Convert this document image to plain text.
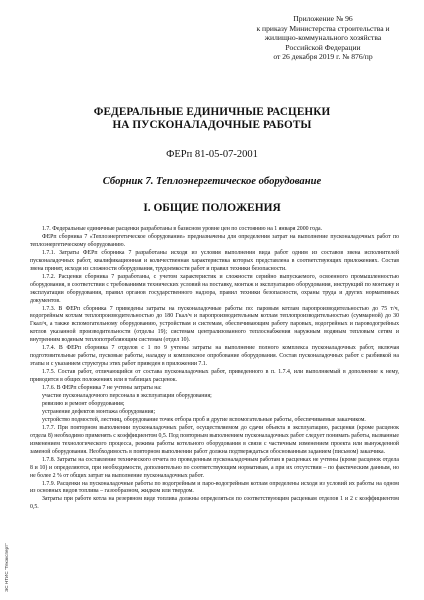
Приложение № 96
к приказу Министерства строительства и
жилищно-коммунального хозяйства
Российской Федерации
от 26 декабря 2019 г. № 876/пр
ФЕДЕРАЛЬНЫЕ ЕДИНИЧНЫЕ РАСЦЕНКИ
НА ПУСКОНАЛАДОЧНЫЕ РАБОТЫ
ФЕРп 81-05-07-2001
Сборник 7. Теплоэнергетическое оборудование
I. ОБЩИЕ ПОЛОЖЕНИЯ

1.7. Федеральные единичные расценки разработаны в базисном уровне цен по состоянию на 1 января 2000 года.

ФЕРп сборника 7 «Теплоэнергетическое оборудование» предназначены для определения затрат на выполнение пусконаладочных работ по теплоэнергетическому оборудованию.

1.7.1. Затраты ФЕРп сборника 7 разработаны исходя из условия выполнения вида работ одним из составов звена исполнителей пусконаладочных работ, квалификационная и количественная характеристика которых представлена в соответствующих приложениях. Состав звена принят, исходя из сложности оборудования, трудоемкости работ и правил техники безопасности.

1.7.2. Расценки сборника 7 разработаны, с учетом характеристик и сложности серийно выпускаемого, освоенного промышленностью оборудования, в соответствии с требованиями технических условий на поставку, монтаж и эксплуатацию оборудования, инструкций по монтажу и эксплуатации оборудования, правил органов государственного надзора, правил техники безопасности, охраны труда и других нормативных документов.

1.7.3. В ФЕРп сборника 7 приведены затраты на пусконаладочные работы по: паровым котлам паропроизводительностью до 75 т/ч, водогрейным котлам теплопроизводительностью до 180 Гкал/ч и паропроизводительным котлам теплопроизводительностью (суммарной) до 30 Гкал/ч, а также вспомогательному оборудованию, устройствам и системам, обеспечивающим работу паровых, водогрейных и пароводогрейных котлов указанной производительности (отделы 19); системам централизованного теплоснабжения наружным водяным тепловым сетям и внутренним водяным теплопотребляющим системам (отдел 10).

1.7.4. В ФЕРп сборника 7 отделов с 1 по 9 учтены затраты на выполнение полного комплекса пусконаладочных работ, включая подготовительные работы, пусковые работы, наладку и комплексное опробование оборудования. Состав пусконаладочных работ с разбивкой на этапы и с указанием структуры этих работ приведен в приложении 7.1.

1.7.5. Состав работ, отличающийся от состава пусконаладочных работ, приведенного в п. 1.7.4, или выполняемый в дополнение к нему, приводится в общих положениях или в таблицах расценок.

1.7.6. В ФЕРп сборника 7 не учтены затраты на:

участие пусконаладочного персонала в эксплуатации оборудования;

ревизию и ремонт оборудования;

устранение дефектов монтажа оборудования;

устройство подмостей, лестниц, оборудование точек отбора проб и другие вспомогательные работы, обеспечиваемые заказчиком.

1.7.7. При повторном выполнении пусконаладочных работ, осуществляемом до сдачи объекта в эксплуатацию, расценки (кроме расценок отдела 8) необходимо применять с коэффициентом 0,5. Под повторным выполнением пусконаладочных работ следует понимать работы, вызванные изменением технологического процесса, режима работы котельного оборудования в связи с частичным изменением проекта или вынужденной заменой оборудования. Необходимость в повторном выполнении работ должна подтверждаться обоснованным заданием (письмом) заказчика.

1.7.8. Затраты на составление технического отчета по проведенным пусконаладочным работам в расценках не учтены (кроме расценок отдела 8 и 10) и определяются, при необходимости, дополнительно по соответствующим нормативам, а при их отсутствии – по фактическим данным, но не более 2 % от общих затрат на выполнение пусконаладочных работ.

1.7.9. Расценки на пусконаладочные работы по водогрейным и паро-водогрейным котлам определены исходя из условий их работы на одном из основных видов топлива – газообразном, жидком или твердом.

Затраты при работе котла на резервном виде топлива должны определяться по соответствующим расценкам отделов 1 и 2 с коэффициентом 0,5.

ЭС НТИС "Техэксперт"
